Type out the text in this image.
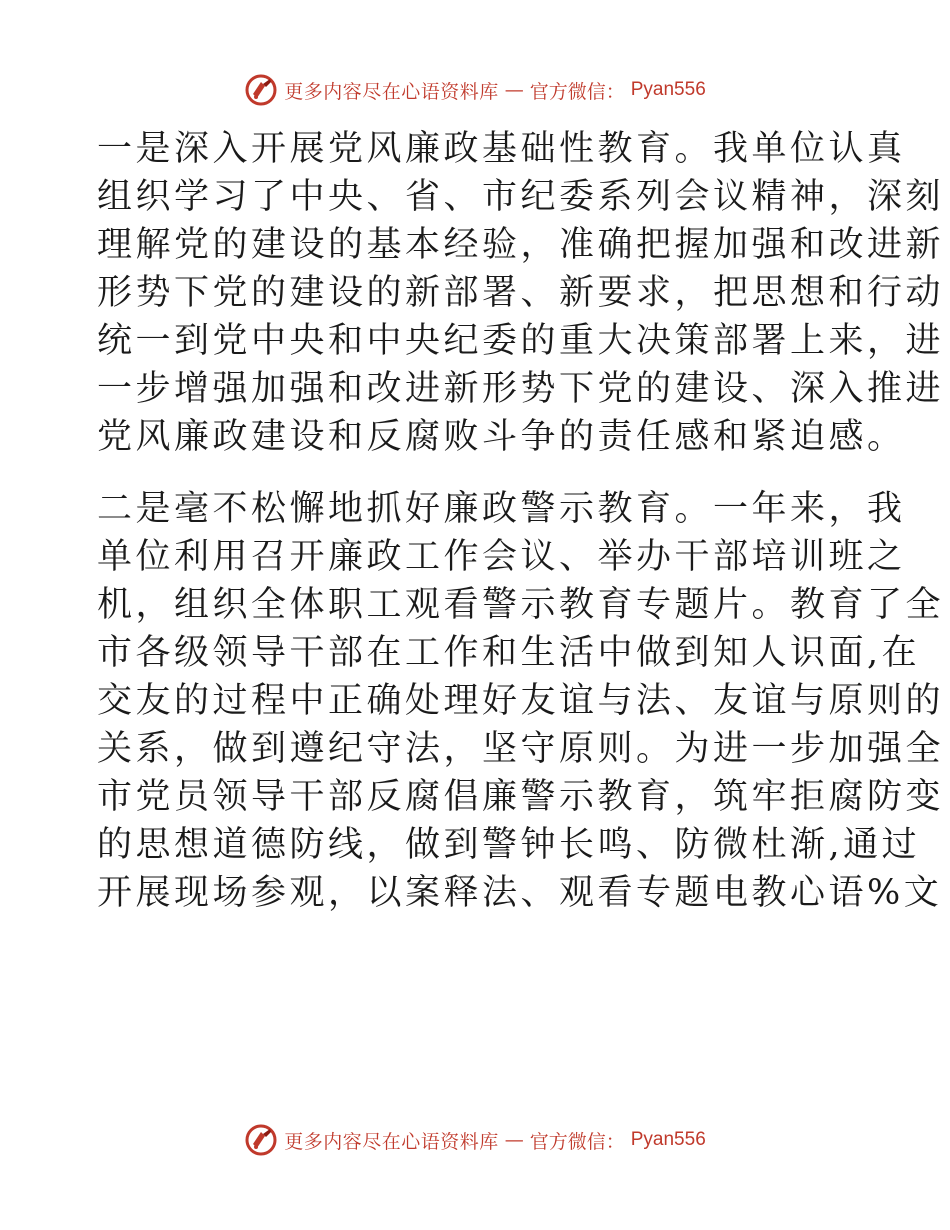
更多内容尽在心语资料库 — 官方微信： Pyan556
一是深入开展党风廉政基础性教育。我单位认真
组织学习了中央、省、市纪委系列会议精神，深刻
理解党的建设的基本经验，准确把握加强和改进新
形势下党的建设的新部署、新要求，把思想和行动
统一到党中央和中央纪委的重大决策部署上来，进
一步增强加强和改进新形势下党的建设、深入推进
党风廉政建设和反腐败斗争的责任感和紧迫感。
二是毫不松懈地抓好廉政警示教育。一年来，我
单位利用召开廉政工作会议、举办干部培训班之
机，组织全体职工观看警示教育专题片。教育了全
市各级领导干部在工作和生活中做到知人识面,在
交友的过程中正确处理好友谊与法、友谊与原则的
关系，做到遵纪守法，坚守原则。为进一步加强全
市党员领导干部反腐倡廉警示教育，筑牢拒腐防变
的思想道德防线，做到警钟长鸣、防微杜渐,通过
开展现场参观，以案释法、观看专题电教心语%文
更多内容尽在心语资料库 — 官方微信： Pyan556
